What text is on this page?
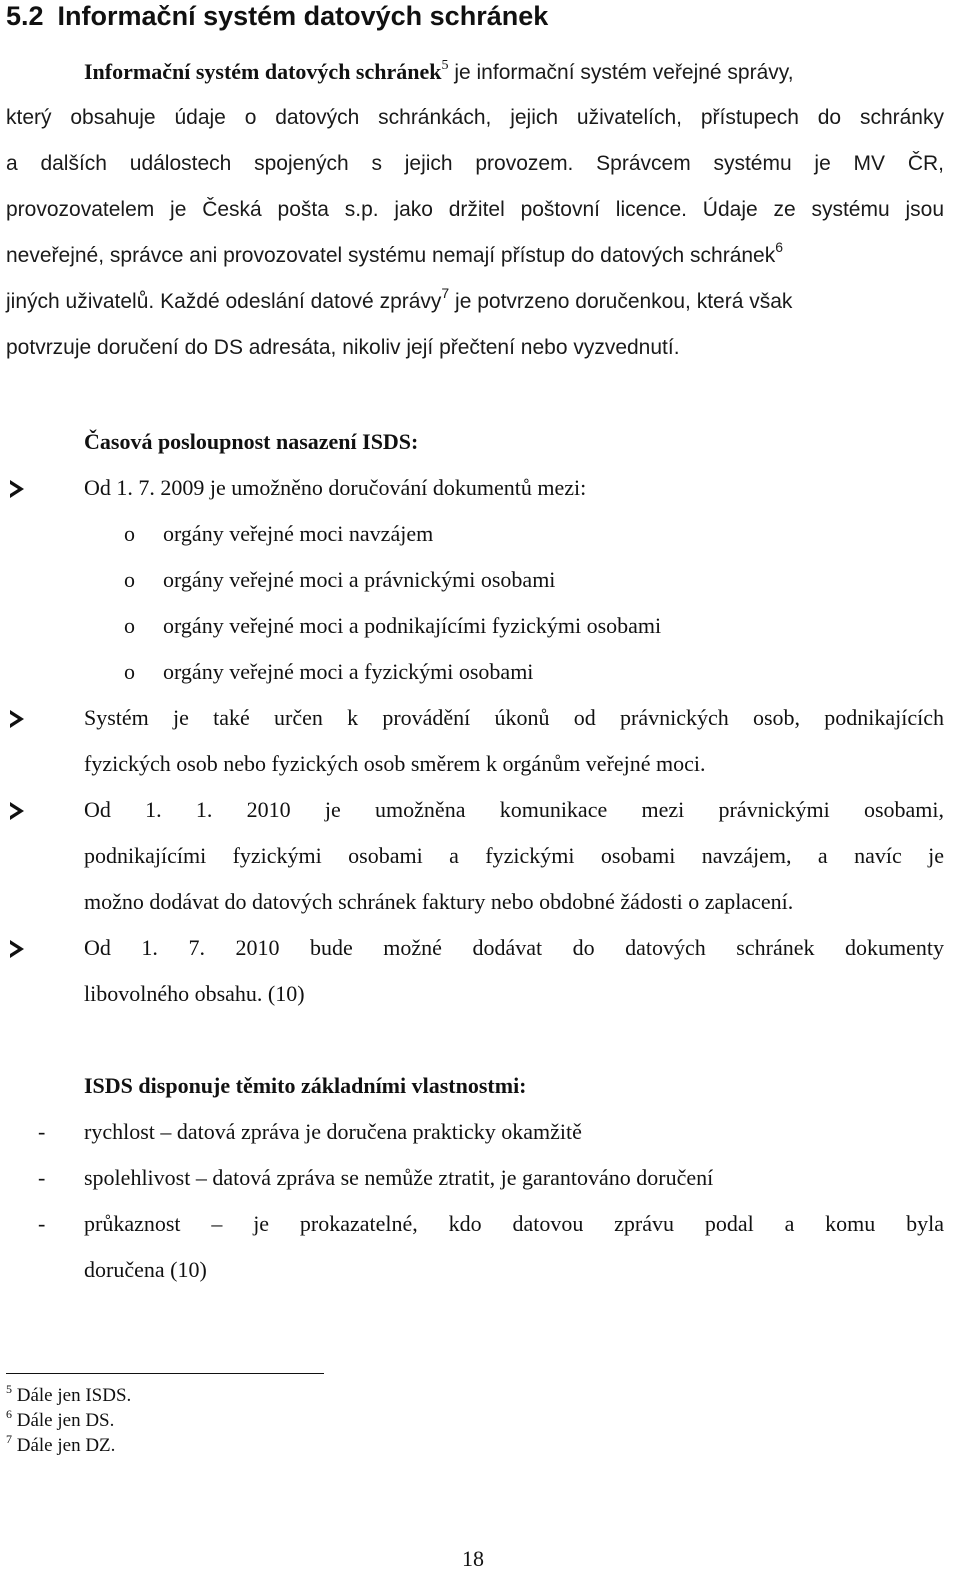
5.2 Informační systém datových schránek
Informační systém datových schránek$^5$ je informační systém veřejné správy,
který obsahuje údaje o datových schránkách, jejich uživatelích, přístupech do schránky
a dalších událostech spojených s jejich provozem. Správcem systému je MV ČR,
provozovatelem je Česká pošta s.p. jako držitel poštovní licence. Údaje ze systému jsou
neveřejné, správce ani provozovatel systému nemají přístup do datových schránek$^6$
jiných uživatelů. Každé odeslání datové zprávy$^7$ je potvrzeno doručenkou, která však
potvrzuje doručení do DS adresáta, nikoliv její přečtení nebo vyzvednutí.
Časová posloupnost nasazení ISDS:
Od 1. 7. 2009 je umožněno doručování dokumentů mezi:
o orgány veřejné moci navzájem
o orgány veřejné moci a právnickými osobami
o orgány veřejné moci a podnikajícími fyzickými osobami
o orgány veřejné moci a fyzickými osobami
Systém je také určen k provádění úkonů od právnických osob, podnikajících
fyzických osob nebo fyzických osob směrem k orgánům veřejné moci.
Od 1. 1. 2010 je umožněna komunikace mezi právnickými osobami,
podnikajícími fyzickými osobami a fyzickými osobami navzájem, a navíc je
možno dodávat do datových schránek faktury nebo obdobné žádosti o zaplacení.
Od 1. 7. 2010 bude možné dodávat do datových schránek dokumenty
libovolného obsahu. (10)
ISDS disponuje těmito základními vlastnostmi:
- rychlost – datová zpráva je doručena prakticky okamžitě
- spolehlivost – datová zpráva se nemůže ztratit, je garantováno doručení
- průkaznost – je prokazatelné, kdo datovou zprávu podal a komu byla
doručena (10)
$^5$ Dále jen ISDS.
$^6$ Dále jen DS.
$^7$ Dále jen DZ.
18
